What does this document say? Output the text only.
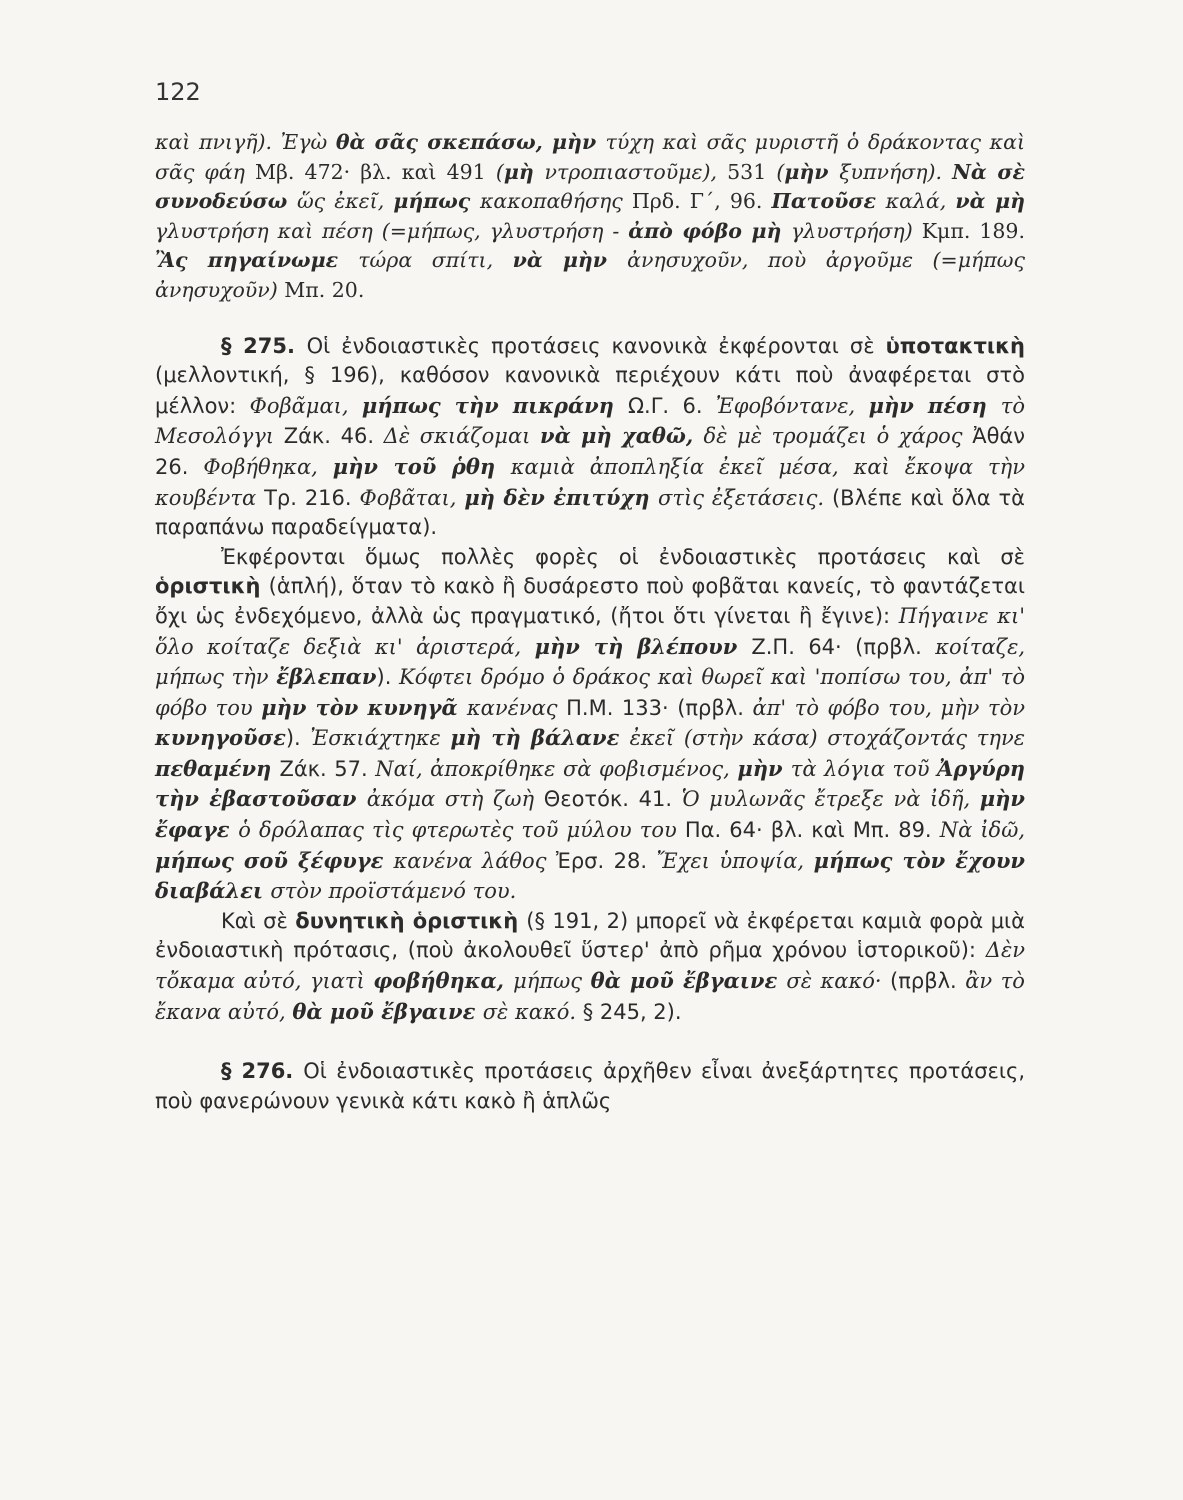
122

καὶ πνιγῆ). Ἐγὼ θὰ σᾶς σκεπάσω, μὴν τύχη καὶ σᾶς μυριστῆ ὁ δράκοντας καὶ σᾶς φάη Μβ. 472· βλ. καὶ 491 (μὴ ντροπιαστοῦμε), 531 (μὴν ξυπνήση). Νὰ σὲ συνοδεύσω ὥς ἐκεῖ, μήπως κακοπαθήσης Πρδ. Γ΄, 96. Πατοῦσε καλά, νὰ μὴ γλυστρήση καὶ πέση (=μήπως, γλυστρήση - ἀπὸ φόβο μὴ γλυστρήση) Κμπ. 189. Ἂς πηγαίνωμε τώρα σπίτι, νὰ μὴν ἀνησυχοῦν, ποὺ ἀργοῦμε (=μήπως ἀνησυχοῦν) Μπ. 20.

§ 275. Οἱ ἐνδοιαστικὲς προτάσεις κανονικὰ ἐκφέρονται σὲ ὑποτακτικὴ (μελλοντική, § 196), καθόσον κανονικὰ περιέχουν κάτι ποὺ ἀναφέρεται στὸ μέλλον: Φοβᾶμαι, μήπως τὴν πικράνη Ω.Γ. 6. Ἐφοβόντανε, μὴν πέση τὸ Μεσολόγγι Ζάκ. 46. Δὲ σκιάζομαι νὰ μὴ χαθῶ, δὲ μὲ τρομάζει ὁ χάρος Ἀθάν 26. Φοβήθηκα, μὴν τοῦ ῥθη καμιὰ ἀποπληξία ἐκεῖ μέσα, καὶ ἔκοψα τὴν κουβέντα Τρ. 216. Φοβᾶται, μὴ δὲν ἐπιτύχη στὶς ἐξετάσεις. (Βλέπε καὶ ὅλα τὰ παραπάνω παραδείγματα).

Ἐκφέρονται ὅμως πολλὲς φορὲς οἱ ἐνδοιαστικὲς προτάσεις καὶ σὲ ὁριστικὴ (ἁπλή), ὅταν τὸ κακὸ ἢ δυσάρεστο ποὺ φοβᾶται κανείς, τὸ φαντάζεται ὄχι ὡς ἐνδεχόμενο, ἀλλὰ ὡς πραγματικό, (ἤτοι ὅτι γίνεται ἢ ἔγινε): Πήγαινε κι' ὅλο κοίταζε δεξιὰ κι' ἀριστερά, μὴν τὴ βλέπουν Ζ.Π. 64· (πρβλ. κοίταζε, μήπως τὴν ἔβλεπαν). Κόφτει δρόμο ὁ δράκος καὶ θωρεῖ καὶ 'ποπίσω του, ἀπ' τὸ φόβο του μὴν τὸν κυνηγᾶ κανένας Π.Μ. 133· (πρβλ. ἀπ' τὸ φόβο του, μὴν τὸν κυνηγοῦσε). Ἐσκιάχτηκε μὴ τὴ βάλανε ἐκεῖ (στὴν κάσα) στοχάζοντάς τηνε πεθαμένη Ζάκ. 57. Ναί, ἀποκρίθηκε σὰ φοβισμένος, μὴν τὰ λόγια τοῦ Ἀργύρη τὴν ἐβαστοῦσαν ἀκόμα στὴ ζωὴ Θεοτόκ. 41. Ὁ μυλωνᾶς ἔτρεξε νὰ ἰδῆ, μὴν ἔφαγε ὁ δρόλαπας τὶς φτερωτὲς τοῦ μύλου του Πα. 64· βλ. καὶ Μπ. 89. Νὰ ἰδῶ, μήπως σοῦ ξέφυγε κανένα λάθος Ἐρσ. 28. Ἔχει ὑποψία, μήπως τὸν ἔχουν διαβάλει στὸν προϊστάμενό του.

Καὶ σὲ δυνητικὴ ὁριστικὴ (§ 191, 2) μπορεῖ νὰ ἐκφέρεται καμιὰ φορὰ μιὰ ἐνδοιαστικὴ πρότασις, (ποὺ ἀκολουθεῖ ὕστερ' ἀπὸ ρῆμα χρόνου ἱστορικοῦ): Δὲν τὄκαμα αὐτό, γιατὶ φοβήθηκα, μήπως θὰ μοῦ ἔβγαινε σὲ κακό· (πρβλ. ἂν τὸ ἔκανα αὐτό, θὰ μοῦ ἔβγαινε σὲ κακό. § 245, 2).

§ 276. Οἱ ἐνδοιαστικὲς προτάσεις ἀρχῆθεν εἶναι ἀνεξάρτητες προτάσεις, ποὺ φανερώνουν γενικὰ κάτι κακὸ ἢ ἁπλῶς
